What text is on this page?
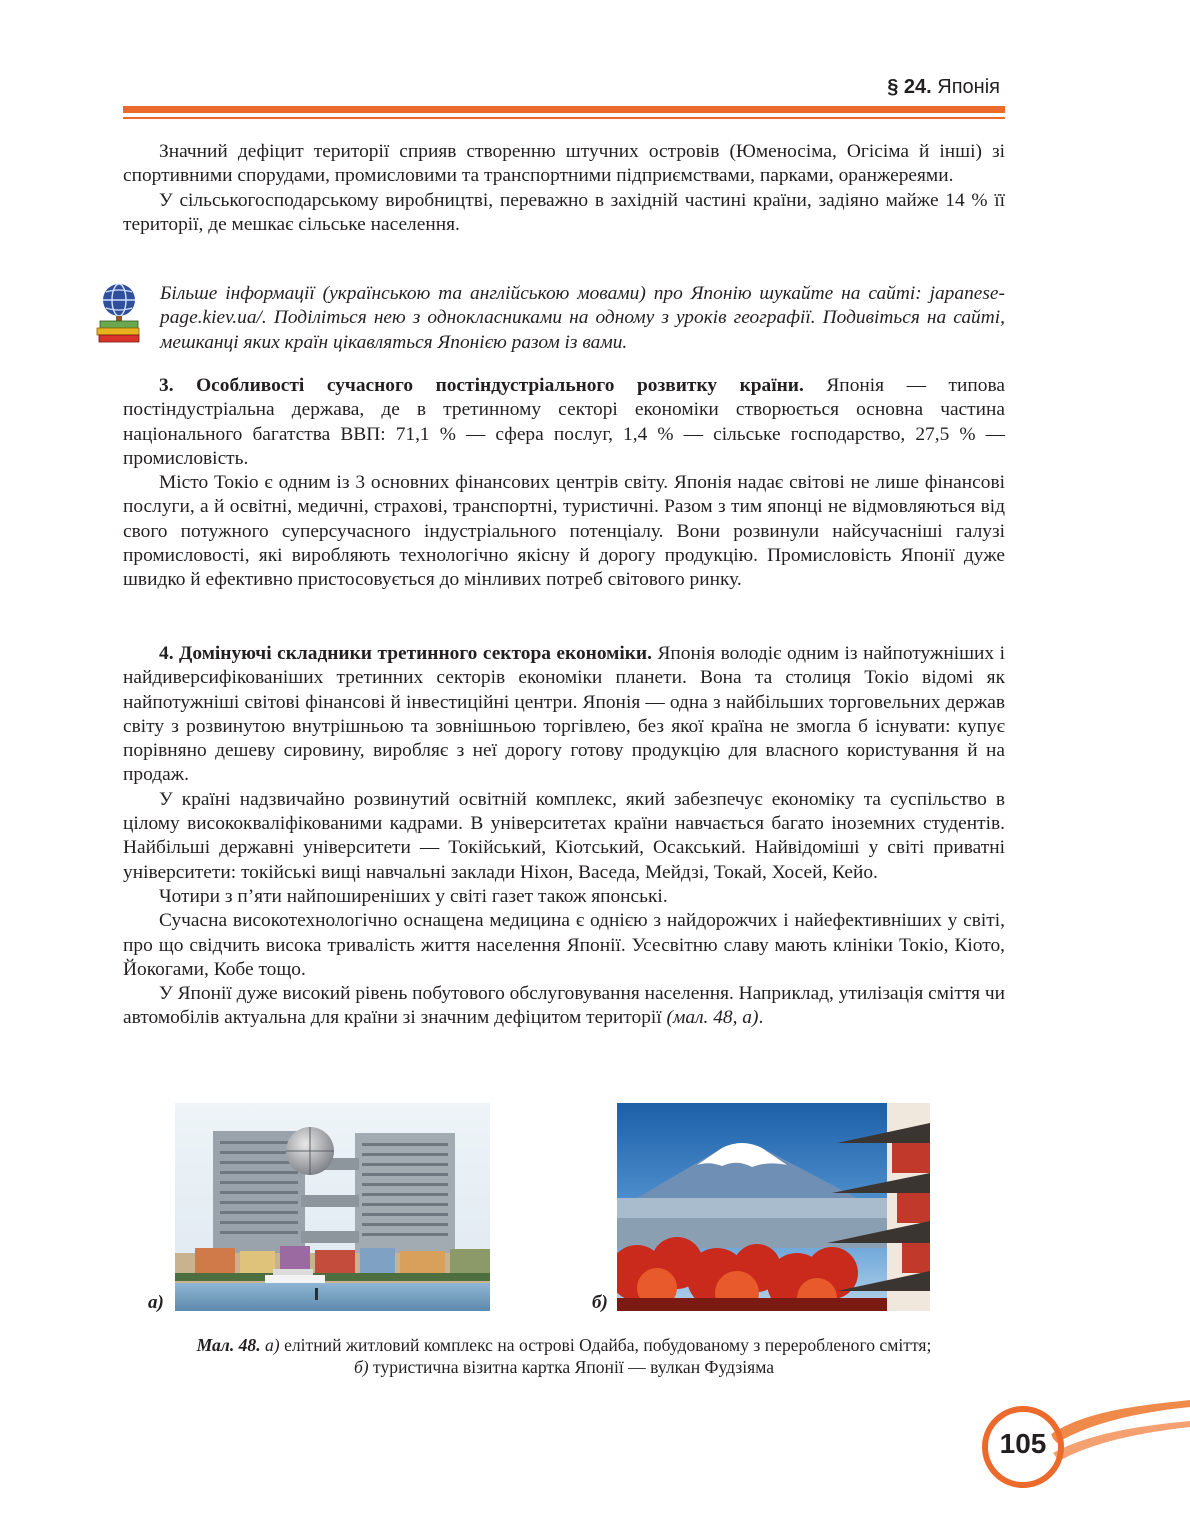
§ 24. Японія

Значний дефіцит території сприяв створенню штучних островів (Юменосіма, Огісіма й інші) зі спортивними спорудами, промисловими та транспортними підприємствами, парками, оранжереями.

У сільськогосподарському виробництві, переважно в західній частині країни, задіяно майже 14 % її території, де мешкає сільське населення.

Більше інформації (українською та англійською мовами) про Японію шукайте на сайті: japanese-page.kiev.ua/. Поділіться нею з однокласниками на одному з уроків географії. Подивіться на сайті, мешканці яких країн цікавляться Японією разом із вами.

3. Особливості сучасного постіндустріального розвитку країни. Японія — типова постіндустріальна держава, де в третинному секторі економіки створюється основна частина національного багатства ВВП: 71,1 % — сфера послуг, 1,4 % — сільське господарство, 27,5 % — промисловість.

Місто Токіо є одним із 3 основних фінансових центрів світу. Японія надає світові не лише фінансові послуги, а й освітні, медичні, страхові, транспортні, туристичні. Разом з тим японці не відмовляються від свого потужного суперсучасного індустріального потенціалу. Вони розвинули найсучасніші галузі промисловості, які виробляють технологічно якісну й дорогу продукцію. Промисловість Японії дуже швидко й ефективно пристосовується до мінливих потреб світового ринку.

4. Домінуючі складники третинного сектора економіки. Японія володіє одним із найпотужніших і найдиверсифікованіших третинних секторів економіки планети. Вона та столиця Токіо відомі як найпотужніші світові фінансові й інвестиційні центри. Японія — одна з найбільших торговельних держав світу з розвинутою внутрішньою та зовнішньою торгівлею, без якої країна не змогла б існувати: купує порівняно дешеву сировину, виробляє з неї дорогу готову продукцію для власного користування й на продаж.

У країні надзвичайно розвинутий освітній комплекс, який забезпечує економіку та суспільство в цілому висококваліфікованими кадрами. В університетах країни навчається багато іноземних студентів. Найбільші державні університети — Токійський, Кіотський, Осакський. Найвідоміші у світі приватні університети: токійські вищі навчальні заклади Ніхон, Васеда, Мейдзі, Токай, Хосей, Кейо.

Чотири з п’яти найпоширеніших у світі газет також японські.

Сучасна високотехнологічно оснащена медицина є однією з найдорожчих і найефективніших у світі, про що свідчить висока тривалість життя населення Японії. Усесвітню славу мають клініки Токіо, Кіото, Йокогами, Кобе тощо.

У Японії дуже високий рівень побутового обслуговування населення. Наприклад, утилізація сміття чи автомобілів актуальна для країни зі значним дефіцитом території (мал. 48, а).

а)	б)
Мал. 48. а) елітний житловий комплекс на острові Одайба, побудованому з переробленого сміття;
б) туристична візитна картка Японії — вулкан Фудзіяма
105
